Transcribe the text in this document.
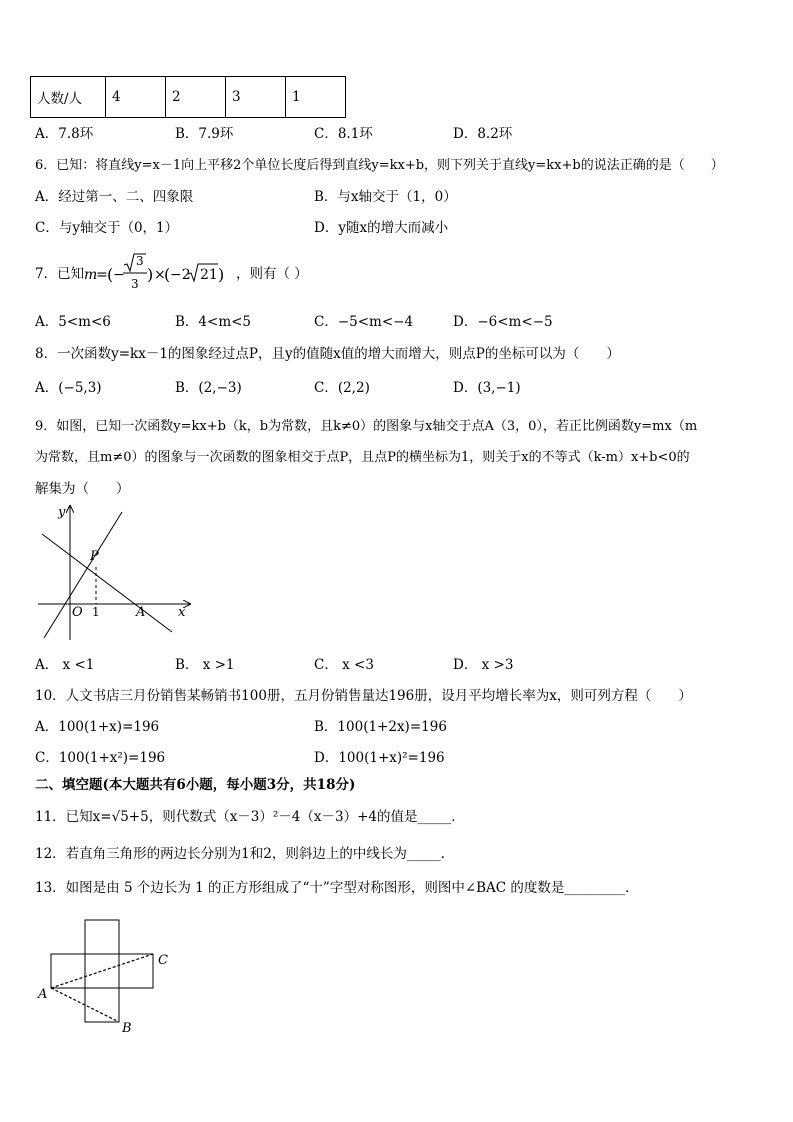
人数/人	4	2	3	1
A．7.8环	B．7.9环	C．8.1环	D．8.2环
6．已知：将直线y=x－1向上平移2个单位长度后得到直线y=kx+b，则下列关于直线y=kx+b的说法正确的是（　　）
A．经过第一、二、四象限	B．与x轴交于（1，0）
C．与y轴交于（0，1）	D．y随x的增大而减小
7．已知 m
= ( −
3
3 ) ×
( −2 21 ) ，则有（ ）
A．5<m<6	B．4<m<5	C．−5<m<−4	D．−6<m<−5
8．一次函数y=kx－1的图象经过点P，且y的值随x值的增大而增大，则点P的坐标可以为（　　）
A．(−5,3)	B．(2,−3)	C．(2,2)	D．(3,−1)
9．如图，已知一次函数y=kx+b（k，b为常数，且k≠0）的图象与x轴交于点A（3，0），若正比例函数y=mx（m
为常数，且m≠0）的图象与一次函数的图象相交于点P，且点P的横坐标为1，则关于x的不等式（k-m）x+b<0的
解集为（　　）
y
x
P
O 1	A
A． x <1	B． x >1	C． x <3	D． x >3
10．人文书店三月份销售某畅销书100册，五月份销售量达196册，设月平均增长率为x，则可列方程（　　）
A．100(1+x)=196	B．100(1+2x)=196
C．100(1+x²)=196	D．100(1+x)²=196
二、填空题(本大题共有6小题，每小题3分，共18分)
11．已知x=√5+5，则代数式（x－3）²－4（x－3）+4的值是_____．
12．若直角三角形的两边长分别为1和2，则斜边上的中线长为_____.
13．如图是由 5 个边长为 1 的正方形组成了“十”字型对称图形，则图中∠BAC 的度数是_________．
A
B
C
